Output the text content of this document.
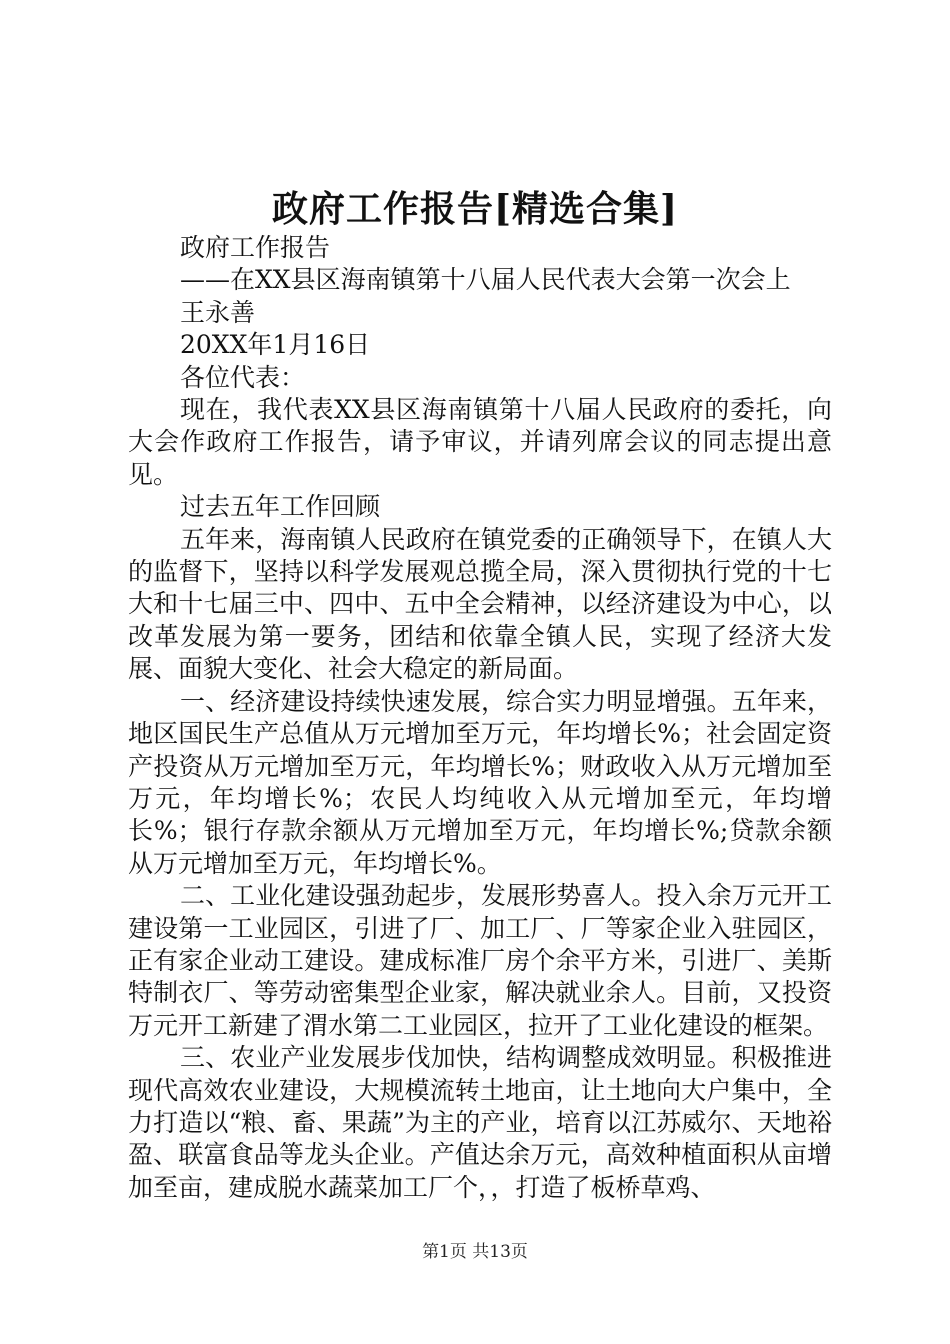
政府工作报告[精选合集]

政府工作报告

——在XX县区海南镇第十八届人民代表大会第一次会上

王永善

20XX年1月16日

各位代表：

现在，我代表XX县区海南镇第十八届人民政府的委托，向大会作政府工作报告，请予审议，并请列席会议的同志提出意见。

过去五年工作回顾

五年来，海南镇人民政府在镇党委的正确领导下，在镇人大的监督下，坚持以科学发展观总揽全局，深入贯彻执行党的十七大和十七届三中、四中、五中全会精神，以经济建设为中心，以改革发展为第一要务，团结和依靠全镇人民，实现了经济大发展、面貌大变化、社会大稳定的新局面。

一、经济建设持续快速发展，综合实力明显增强。五年来，地区国民生产总值从万元增加至万元，年均增长%；社会固定资产投资从万元增加至万元，年均增长%；财政收入从万元增加至万元，年均增长%；农民人均纯收入从元增加至元，年均增长%；银行存款余额从万元增加至万元，年均增长%;贷款余额从万元增加至万元，年均增长%。

二、工业化建设强劲起步，发展形势喜人。投入余万元开工建设第一工业园区，引进了厂、加工厂、厂等家企业入驻园区，正有家企业动工建设。建成标准厂房个余平方米，引进厂、美斯特制衣厂、等劳动密集型企业家，解决就业余人。目前，又投资万元开工新建了渭水第二工业园区，拉开了工业化建设的框架。

三、农业产业发展步伐加快，结构调整成效明显。积极推进现代高效农业建设，大规模流转土地亩，让土地向大户集中，全力打造以“粮、畜、果蔬”为主的产业，培育以江苏威尔、天地裕盈、联富食品等龙头企业。产值达余万元，高效种植面积从亩增加至亩，建成脱水蔬菜加工厂个，，打造了板桥草鸡、

第1页 共13页
